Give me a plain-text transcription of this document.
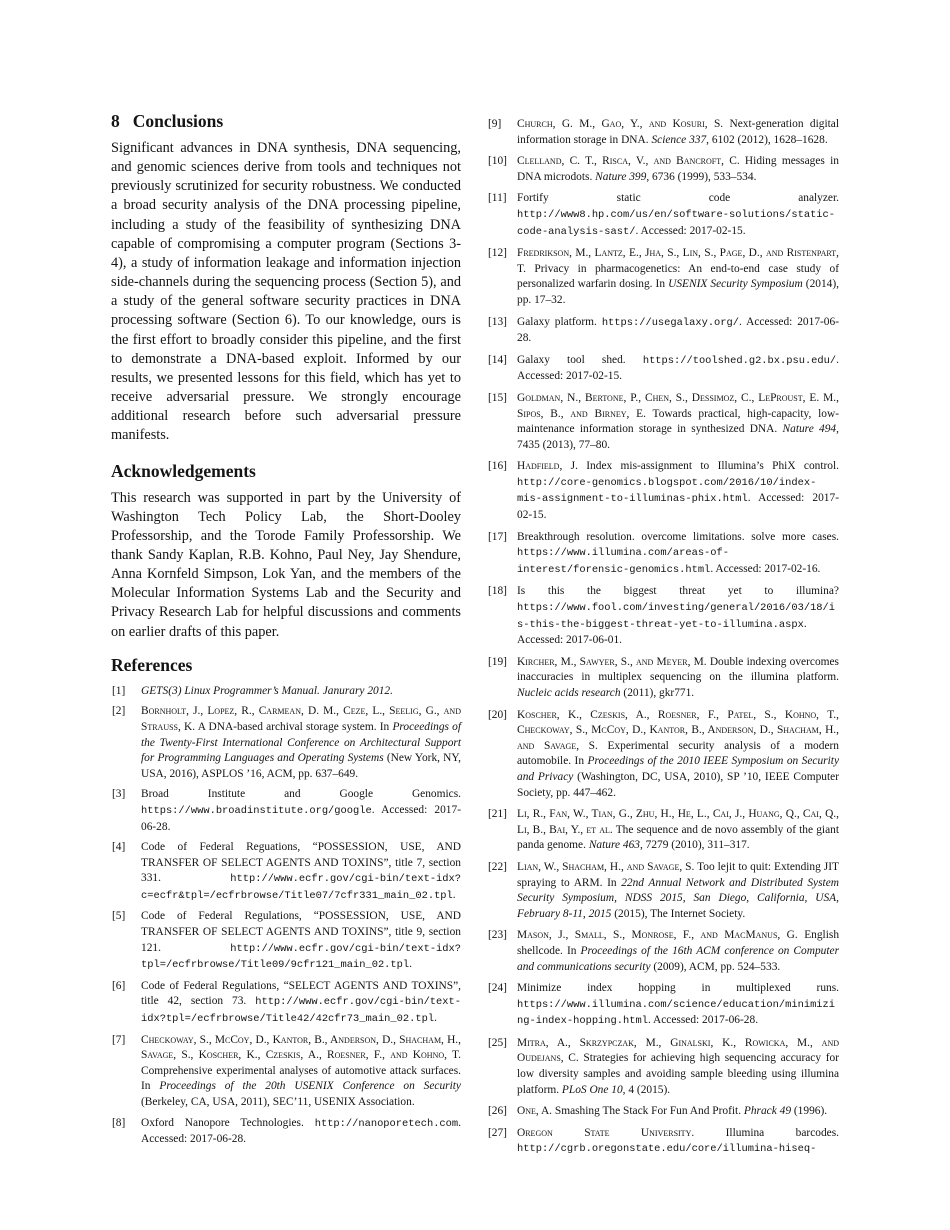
8 Conclusions

Significant advances in DNA synthesis, DNA sequencing, and genomic sciences derive from tools and techniques not previously scrutinized for security robustness. We conducted a broad security analysis of the DNA processing pipeline, including a study of the feasibility of synthesizing DNA capable of compromising a computer program (Sections 3-4), a study of information leakage and information injection side-channels during the sequencing process (Section 5), and a study of the general software security practices in DNA processing software (Section 6). To our knowledge, ours is the first effort to broadly consider this pipeline, and the first to demonstrate a DNA-based exploit. Informed by our results, we presented lessons for this field, which has yet to receive adversarial pressure. We strongly encourage additional research before such adversarial pressure manifests.

Acknowledgements

This research was supported in part by the University of Washington Tech Policy Lab, the Short-Dooley Professorship, and the Torode Family Professorship. We thank Sandy Kaplan, R.B. Kohno, Paul Ney, Jay Shendure, Anna Kornfeld Simpson, Lok Yan, and the members of the Molecular Information Systems Lab and the Security and Privacy Research Lab for helpful discussions and comments on earlier drafts of this paper.

References
[1]	GETS(3) Linux Programmer’s Manual. Janurary 2012.
[2]	Bornholt, J., Lopez, R., Carmean, D. M., Ceze, L., Seelig, G., and Strauss, K. A DNA-based archival storage system. In Proceedings of the Twenty-First International Conference on Architectural Support for Programming Languages and Operating Systems (New York, NY, USA, 2016), ASPLOS ’16, ACM, pp. 637–649.
[3]	Broad Institute and Google Genomics. https://www.broadinstitute.org/google. Accessed: 2017-06-28.
[4]	Code of Federal Reguations, “POSSESSION, USE, AND TRANSFER OF SELECT AGENTS AND TOXINS”, title 7, section 331. http://www.ecfr.gov/cgi-bin/text-idx?c=ecfr&tpl=/ecfrbrowse/Title07/7cfr331_main_02.tpl.
[5]	Code of Federal Regulations, “POSSESSION, USE, AND TRANSFER OF SELECT AGENTS AND TOXINS”, title 9, section 121. http://www.ecfr.gov/cgi-bin/text-idx?tpl=/ecfrbrowse/Title09/9cfr121_main_02.tpl.
[6]	Code of Federal Regulations, “SELECT AGENTS AND TOXINS”, title 42, section 73. http://www.ecfr.gov/cgi-bin/text-idx?tpl=/ecfrbrowse/Title42/42cfr73_main_02.tpl.
[7]	Checkoway, S., McCoy, D., Kantor, B., Anderson, D., Shacham, H., Savage, S., Koscher, K., Czeskis, A., Roesner, F., and Kohno, T. Comprehensive experimental analyses of automotive attack surfaces. In Proceedings of the 20th USENIX Conference on Security (Berkeley, CA, USA, 2011), SEC’11, USENIX Association.
[8]	Oxford Nanopore Technologies. http://nanoporetech.com. Accessed: 2017-06-28.
[9]	Church, G. M., Gao, Y., and Kosuri, S. Next-generation digital information storage in DNA. Science 337, 6102 (2012), 1628–1628.
[10] Clelland, C. T., Risca, V., and Bancroft, C. Hiding messages in DNA microdots. Nature 399, 6736 (1999), 533–534.
[11] Fortify static code analyzer. http://www8.hp.com/us/en/software-solutions/static-code-analysis-sast/. Accessed: 2017-02-15.
[12] Fredrikson, M., Lantz, E., Jha, S., Lin, S., Page, D., and Ristenpart, T. Privacy in pharmacogenetics: An end-to-end case study of personalized warfarin dosing. In USENIX Security Symposium (2014), pp. 17–32.
[13] Galaxy platform. https://usegalaxy.org/. Accessed: 2017-06-28.
[14] Galaxy tool shed. https://toolshed.g2.bx.psu.edu/. Accessed: 2017-02-15.
[15] Goldman, N., Bertone, P., Chen, S., Dessimoz, C., LeProust, E. M., Sipos, B., and Birney, E. Towards practical, high-capacity, low-maintenance information storage in synthesized DNA. Nature 494, 7435 (2013), 77–80.
[16] Hadfield, J. Index mis-assignment to Illumina’s PhiX control. http://core-genomics.blogspot.com/2016/10/index-mis-assignment-to-illuminas-phix.html. Accessed: 2017-02-15.
[17] Breakthrough resolution. overcome limitations. solve more cases. https://www.illumina.com/areas-of-interest/forensic-genomics.html. Accessed: 2017-02-16.
[18] Is this the biggest threat yet to illumina? https://www.fool.com/investing/general/2016/03/18/is-this-the-biggest-threat-yet-to-illumina.aspx. Accessed: 2017-06-01.
[19] Kircher, M., Sawyer, S., and Meyer, M. Double indexing overcomes inaccuracies in multiplex sequencing on the illumina platform. Nucleic acids research (2011), gkr771.
[20] Koscher, K., Czeskis, A., Roesner, F., Patel, S., Kohno, T., Checkoway, S., McCoy, D., Kantor, B., Anderson, D., Shacham, H., and Savage, S. Experimental security analysis of a modern automobile. In Proceedings of the 2010 IEEE Symposium on Security and Privacy (Washington, DC, USA, 2010), SP ’10, IEEE Computer Society, pp. 447–462.
[21] Li, R., Fan, W., Tian, G., Zhu, H., He, L., Cai, J., Huang, Q., Cai, Q., Li, B., Bai, Y., et al. The sequence and de novo assembly of the giant panda genome. Nature 463, 7279 (2010), 311–317.
[22] Lian, W., Shacham, H., and Savage, S. Too lejit to quit: Extending JIT spraying to ARM. In 22nd Annual Network and Distributed System Security Symposium, NDSS 2015, San Diego, California, USA, February 8-11, 2015 (2015), The Internet Society.
[23] Mason, J., Small, S., Monrose, F., and MacManus, G. English shellcode. In Proceedings of the 16th ACM conference on Computer and communications security (2009), ACM, pp. 524–533.
[24] Minimize index hopping in multiplexed runs. https://www.illumina.com/science/education/minimizing-index-hopping.html. Accessed: 2017-06-28.
[25] Mitra, A., Skrzypczak, M., Ginalski, K., Rowicka, M., and Oudejans, C. Strategies for achieving high sequencing accuracy for low diversity samples and avoiding sample bleeding using illumina platform. PLoS One 10, 4 (2015).
[26] One, A. Smashing The Stack For Fun And Profit. Phrack 49 (1996).
[27] Oregon State University. Illumina barcodes. http://cgrb.oregonstate.edu/core/illumina-hiseq-
